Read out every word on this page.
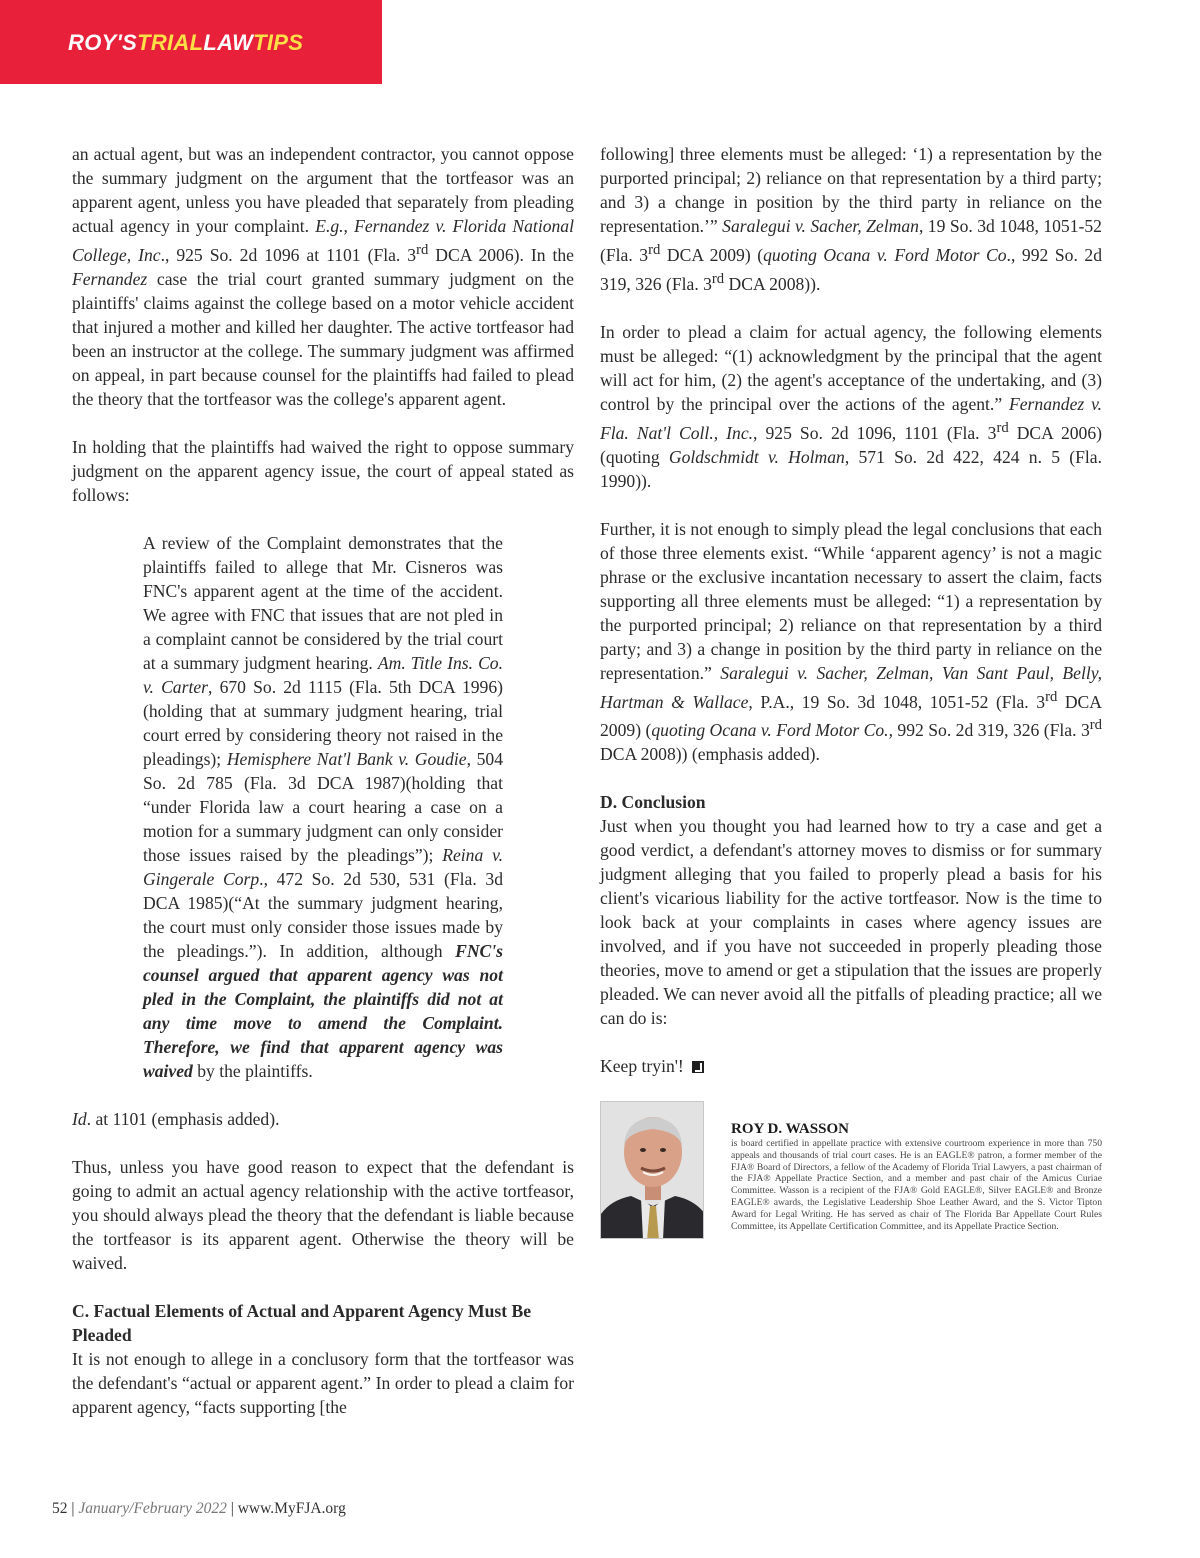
ROY'STRIALLAWTIPS

an actual agent, but was an independent contractor, you cannot oppose the summary judgment on the argument that the tortfeasor was an apparent agent, unless you have pleaded that separately from pleading actual agency in your complaint. E.g., Fernandez v. Florida National College, Inc., 925 So. 2d 1096 at 1101 (Fla. 3rd DCA 2006). In the Fernandez case the trial court granted summary judgment on the plaintiffs' claims against the college based on a motor vehicle accident that injured a mother and killed her daughter. The active tortfeasor had been an instructor at the college. The summary judgment was affirmed on appeal, in part because counsel for the plaintiffs had failed to plead the theory that the tortfeasor was the college's apparent agent.

In holding that the plaintiffs had waived the right to oppose summary judgment on the apparent agency issue, the court of appeal stated as follows:

A review of the Complaint demonstrates that the plaintiffs failed to allege that Mr. Cisneros was FNC's apparent agent at the time of the accident. We agree with FNC that issues that are not pled in a complaint cannot be considered by the trial court at a summary judgment hearing. Am. Title Ins. Co. v. Carter, 670 So. 2d 1115 (Fla. 5th DCA 1996)(holding that at summary judgment hearing, trial court erred by considering theory not raised in the pleadings); Hemisphere Nat'l Bank v. Goudie, 504 So. 2d 785 (Fla. 3d DCA 1987)(holding that “under Florida law a court hearing a case on a motion for a summary judgment can only consider those issues raised by the pleadings”); Reina v. Gingerale Corp., 472 So. 2d 530, 531 (Fla. 3d DCA 1985)(“At the summary judgment hearing, the court must only consider those issues made by the pleadings.”). In addition, although FNC's counsel argued that apparent agency was not pled in the Complaint, the plaintiffs did not at any time move to amend the Complaint. Therefore, we find that apparent agency was waived by the plaintiffs.

Id. at 1101 (emphasis added).

Thus, unless you have good reason to expect that the defendant is going to admit an actual agency relationship with the active tortfeasor, you should always plead the theory that the defendant is liable because the tortfeasor is its apparent agent. Otherwise the theory will be waived.

C. Factual Elements of Actual and Apparent Agency Must Be Pleaded

It is not enough to allege in a conclusory form that the tortfeasor was the defendant's “actual or apparent agent.” In order to plead a claim for apparent agency, “facts supporting [the

following] three elements must be alleged: ‘1) a representation by the purported principal; 2) reliance on that representation by a third party; and 3) a change in position by the third party in reliance on the representation.’” Saralegui v. Sacher, Zelman, 19 So. 3d 1048, 1051-52 (Fla. 3rd DCA 2009) (quoting Ocana v. Ford Motor Co., 992 So. 2d 319, 326 (Fla. 3rd DCA 2008)).

In order to plead a claim for actual agency, the following elements must be alleged: “(1) acknowledgment by the principal that the agent will act for him, (2) the agent's acceptance of the undertaking, and (3) control by the principal over the actions of the agent.” Fernandez v. Fla. Nat'l Coll., Inc., 925 So. 2d 1096, 1101 (Fla. 3rd DCA 2006) (quoting Goldschmidt v. Holman, 571 So. 2d 422, 424 n. 5 (Fla. 1990)).

Further, it is not enough to simply plead the legal conclusions that each of those three elements exist. “While ‘apparent agency’ is not a magic phrase or the exclusive incantation necessary to assert the claim, facts supporting all three elements must be alleged: “1) a representation by the purported principal; 2) reliance on that representation by a third party; and 3) a change in position by the third party in reliance on the representation.” Saralegui v. Sacher, Zelman, Van Sant Paul, Belly, Hartman & Wallace, P.A., 19 So. 3d 1048, 1051-52 (Fla. 3rd DCA 2009) (quoting Ocana v. Ford Motor Co., 992 So. 2d 319, 326 (Fla. 3rd DCA 2008)) (emphasis added).

D. Conclusion

Just when you thought you had learned how to try a case and get a good verdict, a defendant's attorney moves to dismiss or for summary judgment alleging that you failed to properly plead a basis for his client's vicarious liability for the active tortfeasor. Now is the time to look back at your complaints in cases where agency issues are involved, and if you have not succeeded in properly pleading those theories, move to amend or get a stipulation that the issues are properly pleaded. We can never avoid all the pitfalls of pleading practice; all we can do is:

Keep tryin'!

ROY D. WASSON
is board certified in appellate practice with extensive courtroom experience in more than 750 appeals and thousands of trial court cases. He is an EAGLE® patron, a former member of the FJA® Board of Directors, a fellow of the Academy of Florida Trial Lawyers, a past chairman of the FJA® Appellate Practice Section, and a member and past chair of the Amicus Curiae Committee. Wasson is a recipient of the FJA® Gold EAGLE®, Silver EAGLE® and Bronze EAGLE® awards, the Legislative Leadership Shoe Leather Award, and the S. Victor Tipton Award for Legal Writing. He has served as chair of The Florida Bar Appellate Court Rules Committee, its Appellate Certification Committee, and its Appellate Practice Section.
52 | January/February 2022 | www.MyFJA.org
